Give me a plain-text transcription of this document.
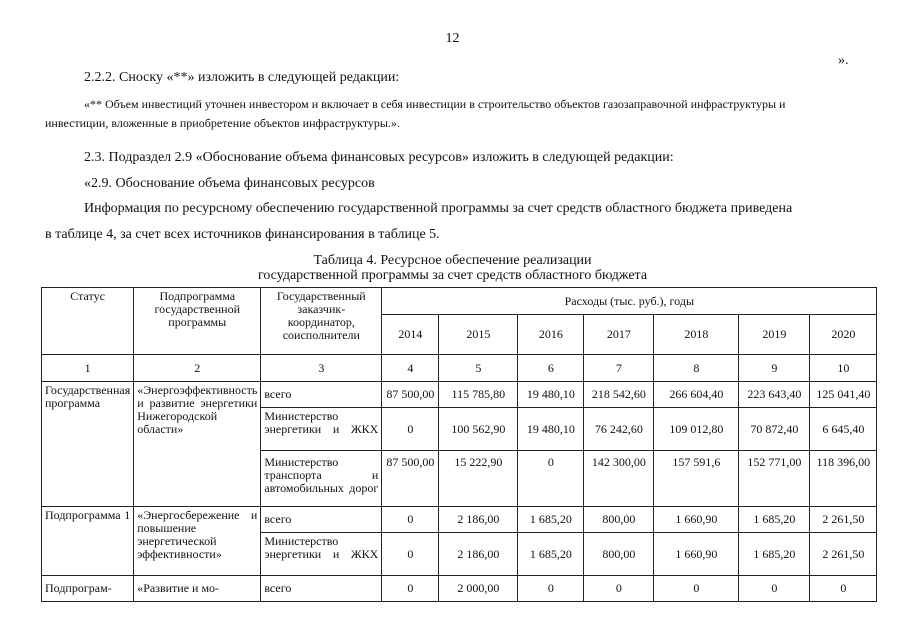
12
».
2.2.2. Сноску «**» изложить в следующей редакции:
«** Объем инвестиций уточнен инвестором и включает в себя инвестиции в строительство объектов газозаправочной инфраструктуры и
инвестиции, вложенные в приобретение объектов инфраструктуры.».
2.3. Подраздел 2.9 «Обоснование объема финансовых ресурсов» изложить в следующей редакции:
«2.9. Обоснование объема финансовых ресурсов
Информация по ресурсному обеспечению государственной программы за счет средств областного бюджета приведена
в таблице 4, за счет всех источников финансирования в таблице 5.
Таблица 4. Ресурсное обеспечение реализации
государственной программы за счет средств областного бюджета
Статус	Подпрограмма государственной программы	Государственный заказчик-координатор, соисполнители	Расходы (тыс. руб.), годы						
			2014	2015	2016	2017	2018	2019	2020
1	2	3	4	5	6	7	8	9	10
Государственная программа	«Энергоэффективность и развитие энергетики Нижегородской области»	всего	87 500,00	115 785,80	19 480,10	218 542,60	266 604,40	223 643,40	125 041,40
		Министерство энергетики и ЖКХ	0	100 562,90	19 480,10	76 242,60	109 012,80	70 872,40	6 645,40
		Министерство транспорта и автомобильных дорог	87 500,00	15 222,90	0	142 300,00	157 591,6	152 771,00	118 396,00
Подпрограмма 1	«Энергосбережение и повышение энергетической эффективности»	всего	0	2 186,00	1 685,20	800,00	1 660,90	1 685,20	2 261,50
		Министерство энергетики и ЖКХ	0	2 186,00	1 685,20	800,00	1 660,90	1 685,20	2 261,50
Подпрограм-	«Развитие и мо-	всего	0	2 000,00	0	0	0	0	0
